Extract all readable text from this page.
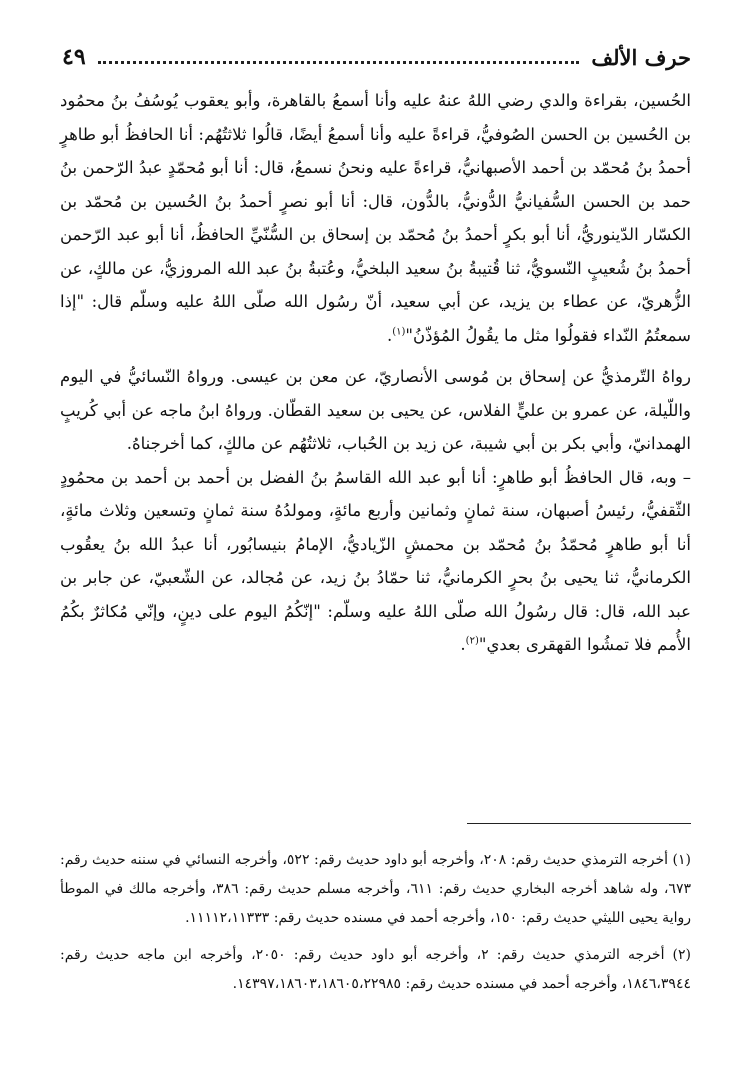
حرف الألف
٤٩

الحُسين، بقراءة والدي رضي اللهُ عنهُ عليه وأنا أسمعُ بالقاهرة، وأبو يعقوب يُوسُفُ بنُ محمُود بن الحُسين بن الحسن الصُوفيُّ، قراءةً عليه وأنا أسمعُ أيضًا، قالُوا ثلاثتُهُم: أنا الحافظُ أبو طاهرٍ أحمدُ بنُ مُحمّد بن أحمد الأصبهانيُّ، قراءةً عليه ونحنُ نسمعُ، قال: أنا أبو مُحمّدٍ عبدُ الرّحمن بنُ حمد بن الحسن السُّفيانيُّ الدُّونيُّ، بالدُّون، قال: أنا أبو نصرٍ أحمدُ بنُ الحُسين بن مُحمّد بن الكسّار الدّينوريُّ، أنا أبو بكرٍ أحمدُ بنُ مُحمّد بن إسحاق بن السُّنّيِّ الحافظُ، أنا أبو عبد الرّحمن أحمدُ بنُ شُعيبٍ النّسويُّ، ثنا قُتيبةُ بنُ سعيد البلخيُّ، وعُتبةُ بنُ عبد الله المروزيُّ، عن مالكٍ، عن الزُّهريّ، عن عطاء بن يزيد، عن أبي سعيد، أنّ رسُول الله صلّى اللهُ عليه وسلّم قال: "إذا سمعتُمُ النّداء فقولُوا مثل ما يقُولُ المُؤذّنُ"$^{(١)}$.

رواهُ التّرمذيُّ عن إسحاق بن مُوسى الأنصاريّ، عن معن بن عيسى. ورواهُ النّسائيُّ في اليوم واللّيلة، عن عمرو بن عليٍّ الفلاس، عن يحيى بن سعيد القطّان. ورواهُ ابنُ ماجه عن أبي كُريبٍ الهمدانيّ، وأبي بكر بن أبي شيبة، عن زيد بن الحُباب، ثلاثتُهُم عن مالكٍ، كما أخرجناهُ.

– وبه، قال الحافظُ أبو طاهرٍ: أنا أبو عبد الله القاسمُ بنُ الفضل بن أحمد بن أحمد بن محمُودٍ الثّقفيُّ، رئيسُ أصبهان، سنة ثمانٍ وثمانين وأربع مائةٍ، ومولدُهُ سنة ثمانٍ وتسعين وثلاث مائةٍ، أنا أبو طاهرٍ مُحمّدُ بنُ مُحمّد بن محمشٍ الزّياديُّ، الإمامُ بنيسابُور، أنا عبدُ الله بنُ يعقُوب الكرمانيُّ، ثنا يحيى بنُ بحرٍ الكرمانيُّ، ثنا حمّادُ بنُ زيد، عن مُجالد، عن الشّعبيّ، عن جابر بن عبد الله، قال: قال رسُولُ الله صلّى اللهُ عليه وسلّم: "إنّكُمُ اليوم على دينٍ، وإنّي مُكاثرٌ بكُمُ الأُمم فلا تمشُوا القهقرى بعدي"$^{(٢)}$.

(١) أخرجه الترمذي حديث رقم: ٢٠٨، وأخرجه أبو داود حديث رقم: ٥٢٢، وأخرجه النسائي في سننه حديث رقم: ٦٧٣، وله شاهد أخرجه البخاري حديث رقم: ٦١١، وأخرجه مسلم حديث رقم: ٣٨٦، وأخرجه مالك في الموطأ رواية يحيى الليثي حديث رقم: ١٥٠، وأخرجه أحمد في مسنده حديث رقم: ١١١١٢،١١٣٣٣.

(٢) أخرجه الترمذي حديث رقم: ٢، وأخرجه أبو داود حديث رقم: ٢٠٥٠، وأخرجه ابن ماجه حديث رقم: ١٨٤٦،٣٩٤٤، وأخرجه أحمد في مسنده حديث رقم: ١٤٣٩٧،١٨٦٠٣،١٨٦٠٥،٢٢٩٨٥.
